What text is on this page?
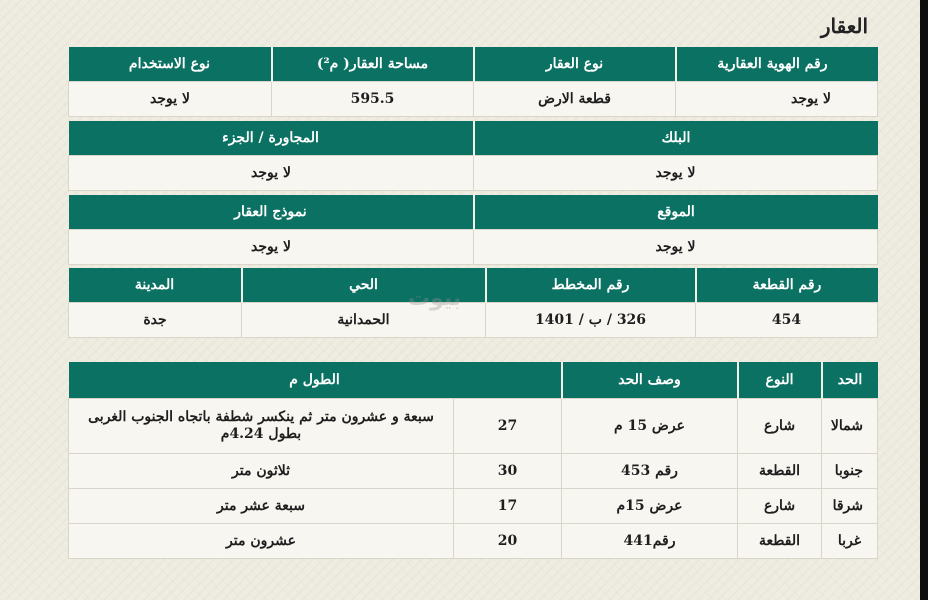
العقار
رقم الهوية العقارية	نوع العقار	مساحة العقار( م²)	نوع الاستخدام
لا يوجد	قطعة الارض	595.5	لا يوجد
البلك	المجاورة / الجزء
لا يوجد	لا يوجد
الموقع	نموذج العقار
لا يوجد	لا يوجد
رقم القطعة	رقم المخطط	الحي	المدينة
454	326 / ب / 1401	الحمدانية	جدة
الحد	النوع	وصف الحد	الطول م	
شمالا	شارع	عرض 15 م	27	سبعة و عشرون متر ثم ينكسر شطفة باتجاه الجنوب الغربى بطول 4.24م
جنوبا	القطعة	رقم 453	30	ثلاثون متر
شرقا	شارع	عرض 15م	17	سبعة عشر متر
غربا	القطعة	رقم441	20	عشرون متر
بيوت
